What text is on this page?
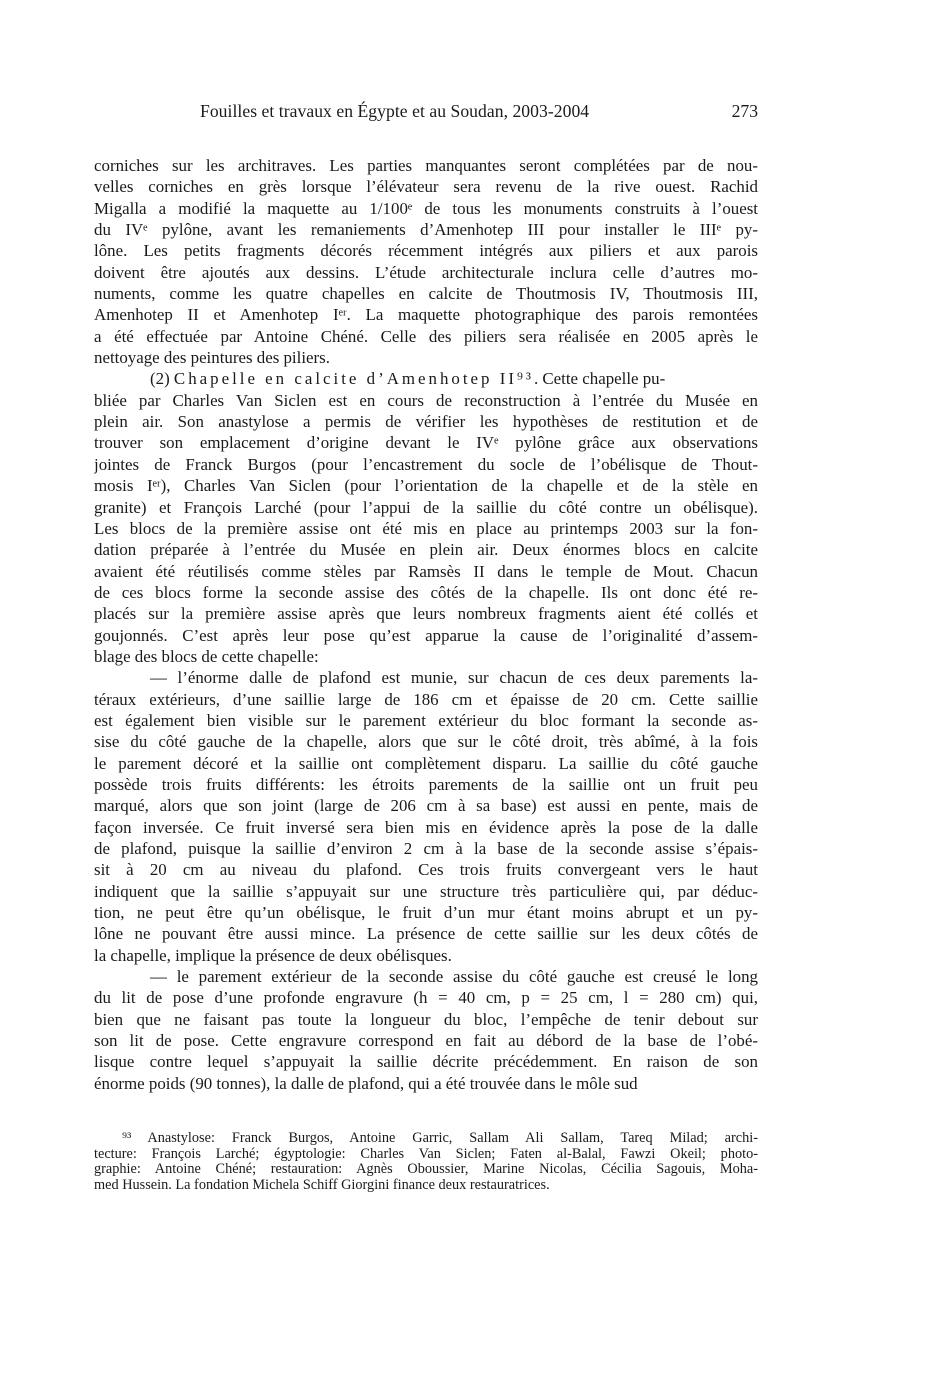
Fouilles et travaux en Égypte et au Soudan, 2003-2004	273
corniches sur les architraves. Les parties manquantes seront complétées par de nou-
velles corniches en grès lorsque l’élévateur sera revenu de la rive ouest. Rachid
Migalla a modifié la maquette au 1/100ᵉ de tous les monuments construits à l’ouest
du IVᵉ pylône, avant les remaniements d’Amenhotep III pour installer le IIIᵉ py-
lône. Les petits fragments décorés récemment intégrés aux piliers et aux parois
doivent être ajoutés aux dessins. L’étude architecturale inclura celle d’autres mo-
numents, comme les quatre chapelles en calcite de Thoutmosis IV, Thoutmosis III,
Amenhotep II et Amenhotep Iᵉʳ. La maquette photographique des parois remontées
a été effectuée par Antoine Chéné. Celle des piliers sera réalisée en 2005 après le
nettoyage des peintures des piliers.
(2) Chapelle en calcite d’Amenhotep II⁹³. Cette chapelle pu-
bliée par Charles Van Siclen est en cours de reconstruction à l’entrée du Musée en
plein air. Son anastylose a permis de vérifier les hypothèses de restitution et de
trouver son emplacement d’origine devant le IVᵉ pylône grâce aux observations
jointes de Franck Burgos (pour l’encastrement du socle de l’obélisque de Thout-
mosis Iᵉʳ), Charles Van Siclen (pour l’orientation de la chapelle et de la stèle en
granite) et François Larché (pour l’appui de la saillie du côté contre un obélisque).
Les blocs de la première assise ont été mis en place au printemps 2003 sur la fon-
dation préparée à l’entrée du Musée en plein air. Deux énormes blocs en calcite
avaient été réutilisés comme stèles par Ramsès II dans le temple de Mout. Chacun
de ces blocs forme la seconde assise des côtés de la chapelle. Ils ont donc été re-
placés sur la première assise après que leurs nombreux fragments aient été collés et
goujonnés. C’est après leur pose qu’est apparue la cause de l’originalité d’assem-
blage des blocs de cette chapelle:
— l’énorme dalle de plafond est munie, sur chacun de ces deux parements la-
téraux extérieurs, d’une saillie large de 186 cm et épaisse de 20 cm. Cette saillie
est également bien visible sur le parement extérieur du bloc formant la seconde as-
sise du côté gauche de la chapelle, alors que sur le côté droit, très abîmé, à la fois
le parement décoré et la saillie ont complètement disparu. La saillie du côté gauche
possède trois fruits différents: les étroits parements de la saillie ont un fruit peu
marqué, alors que son joint (large de 206 cm à sa base) est aussi en pente, mais de
façon inversée. Ce fruit inversé sera bien mis en évidence après la pose de la dalle
de plafond, puisque la saillie d’environ 2 cm à la base de la seconde assise s’épais-
sit à 20 cm au niveau du plafond. Ces trois fruits convergeant vers le haut
indiquent que la saillie s’appuyait sur une structure très particulière qui, par déduc-
tion, ne peut être qu’un obélisque, le fruit d’un mur étant moins abrupt et un py-
lône ne pouvant être aussi mince. La présence de cette saillie sur les deux côtés de
la chapelle, implique la présence de deux obélisques.
— le parement extérieur de la seconde assise du côté gauche est creusé le long
du lit de pose d’une profonde engravure (h = 40 cm, p = 25 cm, l = 280 cm) qui,
bien que ne faisant pas toute la longueur du bloc, l’empêche de tenir debout sur
son lit de pose. Cette engravure correspond en fait au débord de la base de l’obé-
lisque contre lequel s’appuyait la saillie décrite précédemment. En raison de son
énorme poids (90 tonnes), la dalle de plafond, qui a été trouvée dans le môle sud
⁹³ Anastylose: Franck Burgos, Antoine Garric, Sallam Ali Sallam, Tareq Milad; archi-
tecture: François Larché; égyptologie: Charles Van Siclen; Faten al-Balal, Fawzi Okeil; photo-
graphie: Antoine Chéné; restauration: Agnès Oboussier, Marine Nicolas, Cécilia Sagouis, Moha-
med Hussein. La fondation Michela Schiff Giorgini finance deux restauratrices.
